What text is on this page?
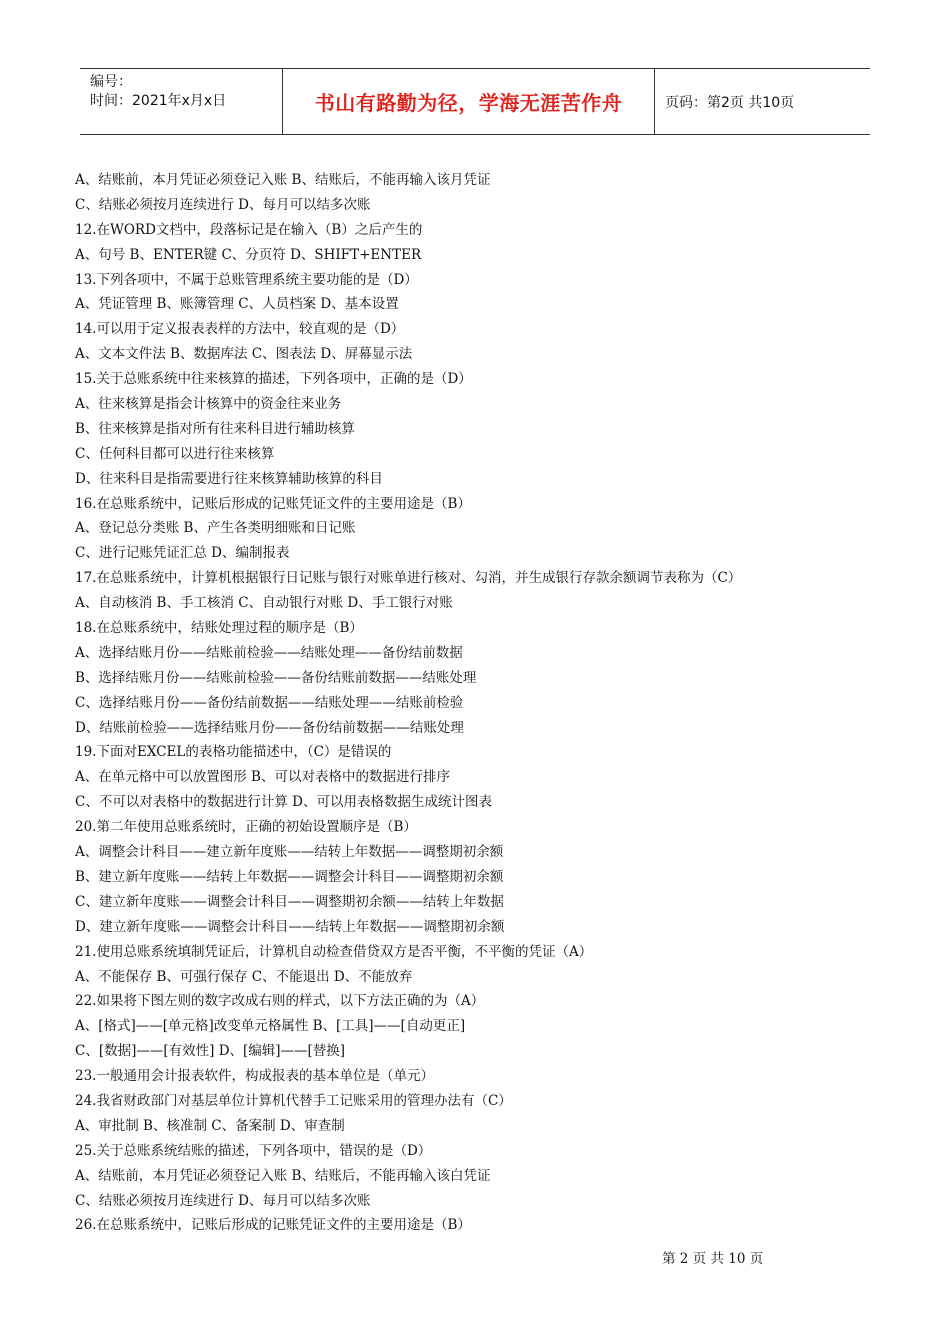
编号：
时间：2021年x月x日	书山有路勤为径，学海无涯苦作舟	页码：第2页 共10页
A、结账前，本月凭证必须登记入账 B、结账后，不能再输入该月凭证
C、结账必须按月连续进行 D、每月可以结多次账
12.在WORD文档中，段落标记是在输入（B）之后产生的
A、句号 B、ENTER键 C、分页符 D、SHIFT+ENTER
13.下列各项中，不属于总账管理系统主要功能的是（D）
A、凭证管理 B、账簿管理 C、人员档案 D、基本设置
14.可以用于定义报表表样的方法中，较直观的是（D）
A、文本文件法 B、数据库法 C、图表法 D、屏幕显示法
15.关于总账系统中往来核算的描述，下列各项中，正确的是（D）
A、往来核算是指会计核算中的资金往来业务
B、往来核算是指对所有往来科目进行辅助核算
C、任何科目都可以进行往来核算
D、往来科目是指需要进行往来核算辅助核算的科目
16.在总账系统中，记账后形成的记账凭证文件的主要用途是（B）
A、登记总分类账 B、产生各类明细账和日记账
C、进行记账凭证汇总 D、编制报表
17.在总账系统中，计算机根据银行日记账与银行对账单进行核对、勾消，并生成银行存款余额调节表称为（C）
A、自动核消 B、手工核消 C、自动银行对账 D、手工银行对账
18.在总账系统中，结账处理过程的顺序是（B）
A、选择结账月份——结账前检验——结账处理——备份结前数据
B、选择结账月份——结账前检验——备份结账前数据——结账处理
C、选择结账月份——备份结前数据——结账处理——结账前检验
D、结账前检验——选择结账月份——备份结前数据——结账处理
19.下面对EXCEL的表格功能描述中，（C）是错误的
A、在单元格中可以放置图形 B、可以对表格中的数据进行排序
C、不可以对表格中的数据进行计算 D、可以用表格数据生成统计图表
20.第二年使用总账系统时，正确的初始设置顺序是（B）
A、调整会计科目——建立新年度账——结转上年数据——调整期初余额
B、建立新年度账——结转上年数据——调整会计科目——调整期初余额
C、建立新年度账——调整会计科目——调整期初余额——结转上年数据
D、建立新年度账——调整会计科目——结转上年数据——调整期初余额
21.使用总账系统填制凭证后，计算机自动检查借贷双方是否平衡，不平衡的凭证（A）
A、不能保存 B、可强行保存 C、不能退出 D、不能放弃
22.如果将下图左则的数字改成右则的样式，以下方法正确的为（A）
A、[格式]——[单元格]改变单元格属性 B、[工具]——[自动更正]
C、[数据]——[有效性] D、[编辑]——[替换]
23.一般通用会计报表软件，构成报表的基本单位是（单元）
24.我省财政部门对基层单位计算机代替手工记账采用的管理办法有（C）
A、审批制 B、核准制 C、备案制 D、审查制
25.关于总账系统结账的描述，下列各项中，错误的是（D）
A、结账前，本月凭证必须登记入账 B、结账后，不能再输入该白凭证
C、结账必须按月连续进行 D、每月可以结多次账
26.在总账系统中，记账后形成的记账凭证文件的主要用途是（B）
第 2 页 共 10 页
